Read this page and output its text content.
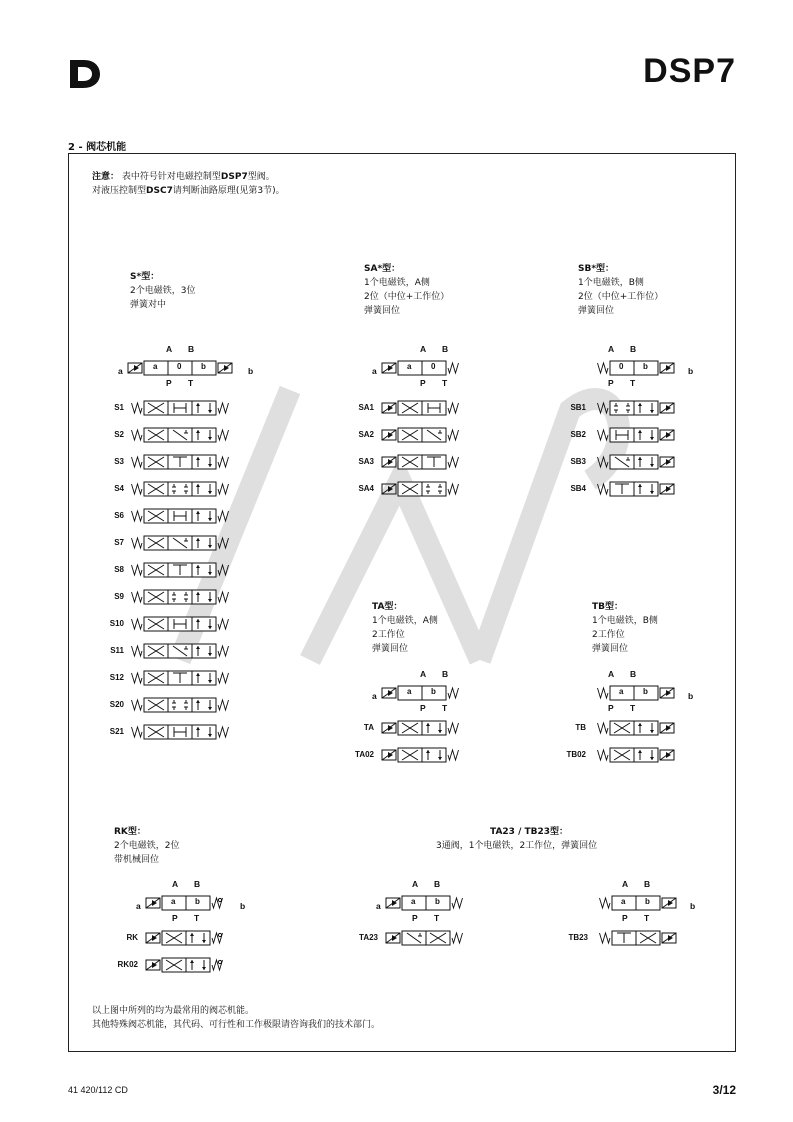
DSP7
2 - 阀芯机能
注意： 表中符号针对电磁控制型DSP7型阀。
对液压控制型DSC7请判断油路原理(见第3节)。
S*型：
2个电磁铁，3位
弹簧对中
SA*型：
1个电磁铁，A侧
2位（中位+工作位）
弹簧回位
SB*型：
1个电磁铁，B侧
2位（中位+工作位）
弹簧回位
TA型：
1个电磁铁，A侧
2工作位
弹簧回位
TB型：
1个电磁铁，B侧
2工作位
弹簧回位
RK型：
2个电磁铁，2位
带机械回位
TA23 / TB23型：
3通阀，1个电磁铁，2工作位，弹簧回位
a 0 b
A B
P T
a	b
S1
S2
S3
S4
S6
S7
S8
S9
S10
S11
S12
S20
S21
a 0
A B
P T
a
SA1
SA2
SA3
SA4
0 b
A B
P T
b
SB1
SB2
SB3
SB4
a b
A B
P T
a
TA
TA02
a b
A B
P T
b
TB
TB02
a b
A B
P T
a	b
RK
RK02
a b
A B
P T
a
TA23
a b
A B
P T
b
TB23
以上图中所列的均为最常用的阀芯机能。
其他特殊阀芯机能，其代码、可行性和工作极限请咨询我们的技术部门。
41 420/112 CD	3/12
